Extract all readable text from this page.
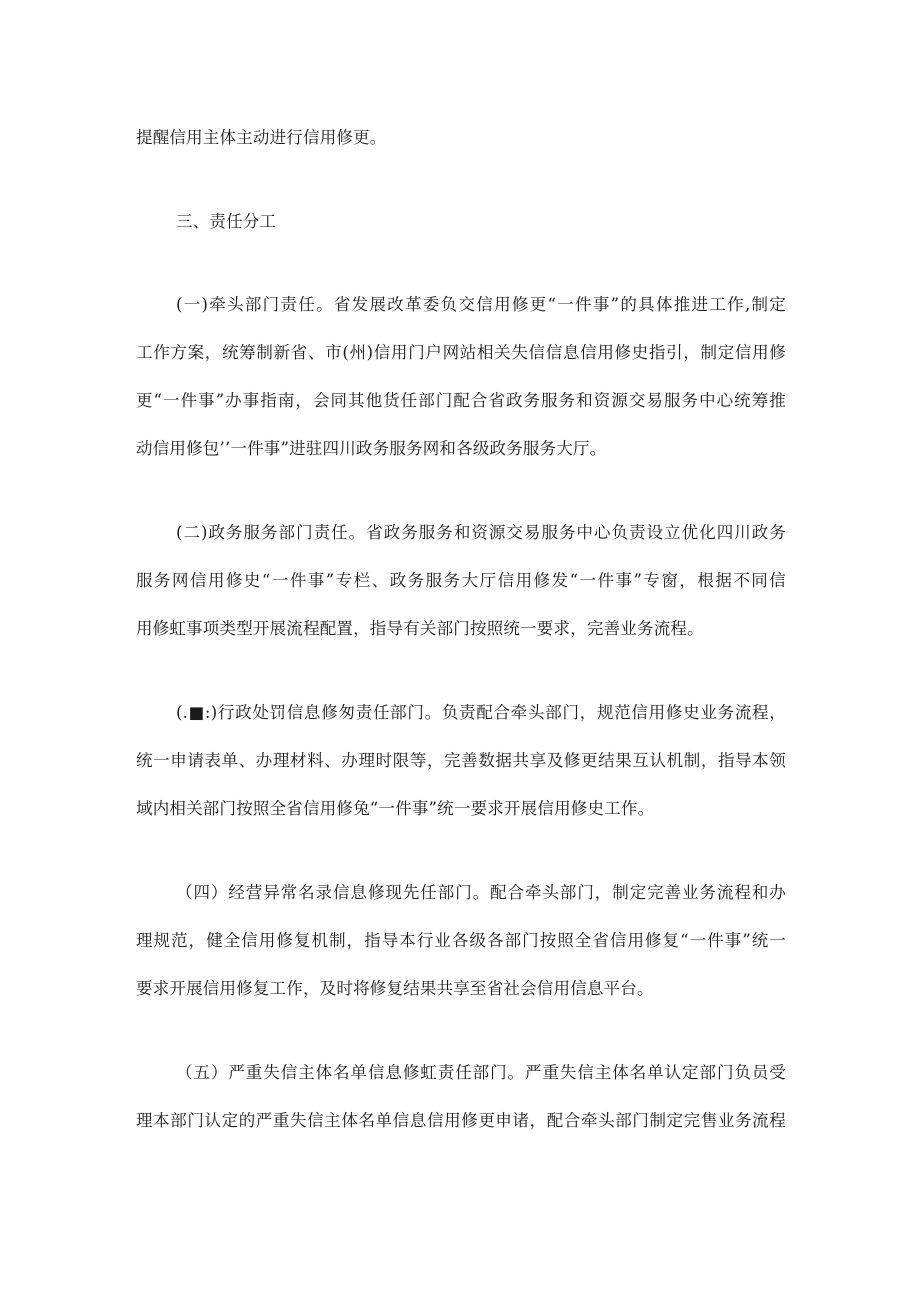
提醒信用主体主动进行信用修更。
三、责任分工
(一)牵头部门责任。省发展改革委负交信用修更“一件事”的具体推进工作,制定
工作方案，统筹制新省、市(州)信用门户网站相关失信信息信用修史指引，制定信用修
更“一件事”办事指南，会同其他货任部门配合省政务服务和资源交易服务中心统筹推
动信用修包’’一件事”进驻四川政务服务网和各级政务服务大厅。
(二)政务服务部门责任。省政务服务和资源交易服务中心负责设立优化四川政务
服务网信用修史“一件事”专栏、政务服务大厅信用修发“一件事”专窗，根据不同信
用修虹事项类型开展流程配置，指导有关部门按照统一要求，完善业务流程。
(.■:)行政处罚信息修匆责任部门。负责配合牵头部门，规范信用修史业务流程，
统一申请表单、办理材料、办理时限等，完善数据共享及修更结果互认机制，指导本领
域内相关部门按照全省信用修兔“一件事”统一要求开展信用修史工作。
（四）经营异常名录信息修现先任部门。配合牵头部门，制定完善业务流程和办
理规范，健全信用修复机制，指导本行业各级各部门按照全省信用修复“一件事”统一
要求开展信用修复工作，及时将修复结果共享至省社会信用信息平台。
（五）严重失信主体名单信息修虹责任部门。严重失信主体名单认定部门负员受
理本部门认定的严重失信主体名单信息信用修更申诸，配合牵头部门制定完售业务流程
